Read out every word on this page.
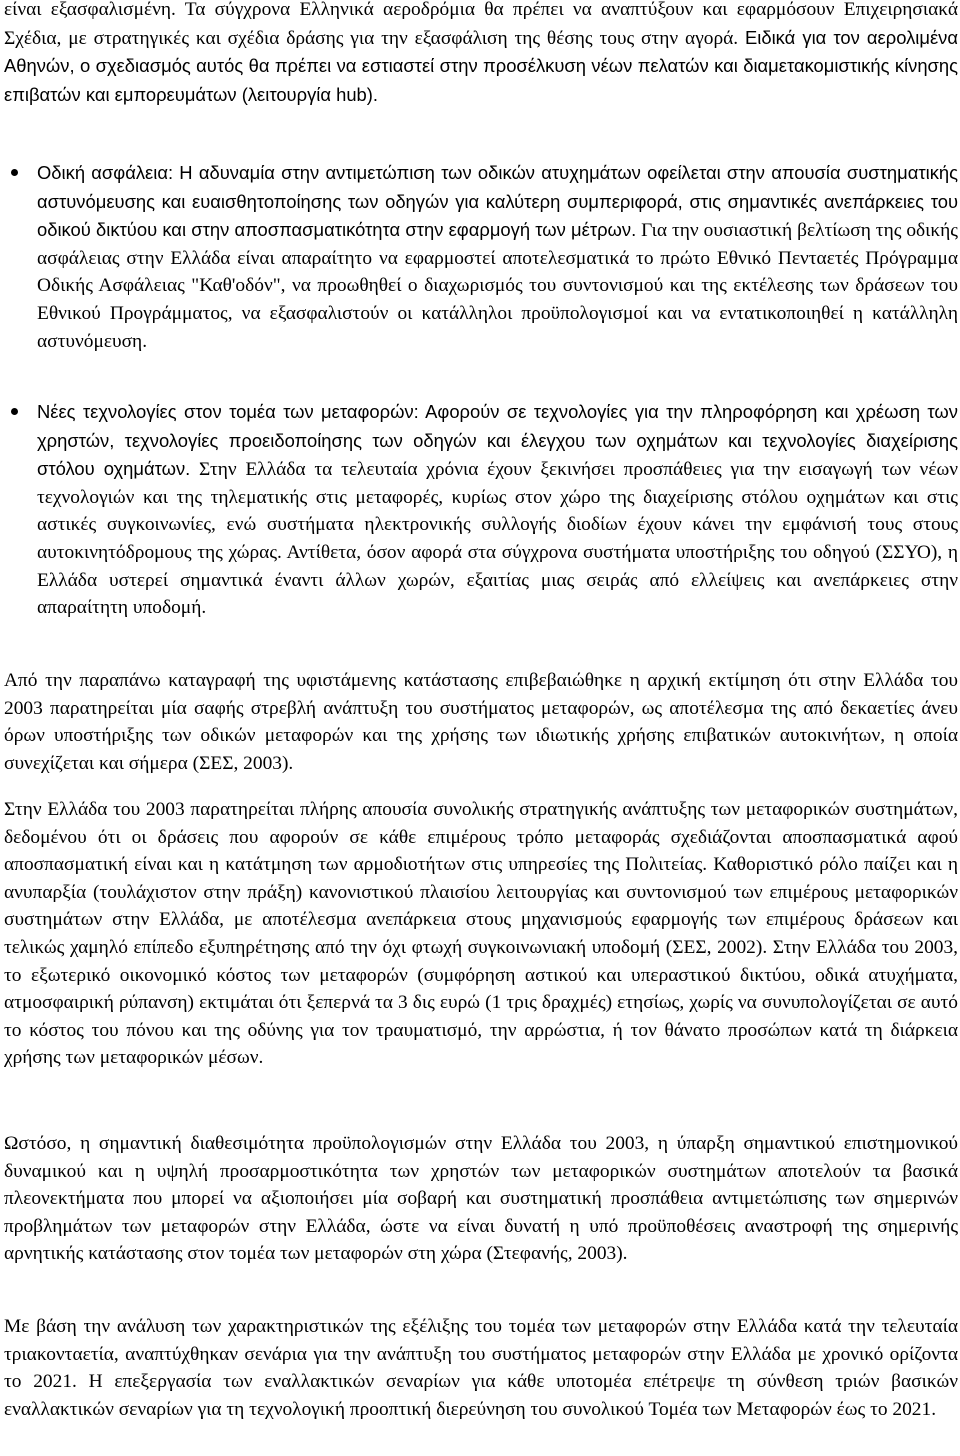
είναι εξασφαλισμένη. Τα σύγχρονα Ελληνικά αεροδρόμια θα πρέπει να αναπτύξουν και εφαρμόσουν Επιχειρησιακά Σχέδια, με στρατηγικές και σχέδια δράσης για την εξασφάλιση της θέσης τους στην αγορά. Ειδικά για τον αερολιμένα Αθηνών, ο σχεδιασμός αυτός θα πρέπει να εστιαστεί στην προσέλκυση νέων πελατών και διαμετακομιστικής κίνησης επιβατών και εμπορευμάτων (λειτουργία hub).

Οδική ασφάλεια: Η αδυναμία στην αντιμετώπιση των οδικών ατυχημάτων οφείλεται στην απουσία συστηματικής αστυνόμευσης και ευαισθητοποίησης των οδηγών για καλύτερη συμπεριφορά, στις σημαντικές ανεπάρκειες του οδικού δικτύου και στην αποσπασματικότητα στην εφαρμογή των μέτρων. Για την ουσιαστική βελτίωση της οδικής ασφάλειας στην Ελλάδα είναι απαραίτητο να εφαρμοστεί αποτελεσματικά το πρώτο Εθνικό Πενταετές Πρόγραμμα Οδικής Ασφάλειας "Καθ'οδόν", να προωθηθεί ο διαχωρισμός του συντονισμού και της εκτέλεσης των δράσεων του Εθνικού Προγράμματος, να εξασφαλιστούν οι κατάλληλοι προϋπολογισμοί και να εντατικοποιηθεί η κατάλληλη αστυνόμευση.

Νέες τεχνολογίες στον τομέα των μεταφορών: Αφορούν σε τεχνολογίες για την πληροφόρηση και χρέωση των χρηστών, τεχνολογίες προειδοποίησης των οδηγών και έλεγχου των οχημάτων και τεχνολογίες διαχείρισης στόλου οχημάτων. Στην Ελλάδα τα τελευταία χρόνια έχουν ξεκινήσει προσπάθειες για την εισαγωγή των νέων τεχνολογιών και της τηλεματικής στις μεταφορές, κυρίως στον χώρο της διαχείρισης στόλου οχημάτων και στις αστικές συγκοινωνίες, ενώ συστήματα ηλεκτρονικής συλλογής διοδίων έχουν κάνει την εμφάνισή τους στους αυτοκινητόδρομους της χώρας. Αντίθετα, όσον αφορά στα σύγχρονα συστήματα υποστήριξης του οδηγού (ΣΣΥΟ), η Ελλάδα υστερεί σημαντικά έναντι άλλων χωρών, εξαιτίας μιας σειράς από ελλείψεις και ανεπάρκειες στην απαραίτητη υποδομή.

Από την παραπάνω καταγραφή της υφιστάμενης κατάστασης επιβεβαιώθηκε η αρχική εκτίμηση ότι στην Ελλάδα του 2003 παρατηρείται μία σαφής στρεβλή ανάπτυξη του συστήματος μεταφορών, ως αποτέλεσμα της από δεκαετίες άνευ όρων υποστήριξης των οδικών μεταφορών και της χρήσης των ιδιωτικής χρήσης επιβατικών αυτοκινήτων, η οποία συνεχίζεται και σήμερα (ΣΕΣ, 2003).

Στην Ελλάδα του 2003 παρατηρείται πλήρης απουσία συνολικής στρατηγικής ανάπτυξης των μεταφορικών συστημάτων, δεδομένου ότι οι δράσεις που αφορούν σε κάθε επιμέρους τρόπο μεταφοράς σχεδιάζονται αποσπασματικά αφού αποσπασματική είναι και η κατάτμηση των αρμοδιοτήτων στις υπηρεσίες της Πολιτείας. Καθοριστικό ρόλο παίζει και η ανυπαρξία (τουλάχιστον στην πράξη) κανονιστικού πλαισίου λειτουργίας και συντονισμού των επιμέρους μεταφορικών συστημάτων στην Ελλάδα, με αποτέλεσμα ανεπάρκεια στους μηχανισμούς εφαρμογής των επιμέρους δράσεων και τελικώς χαμηλό επίπεδο εξυπηρέτησης από την όχι φτωχή συγκοινωνιακή υποδομή (ΣΕΣ, 2002). Στην Ελλάδα του 2003, το εξωτερικό οικονομικό κόστος των μεταφορών (συμφόρηση αστικού και υπεραστικού δικτύου, οδικά ατυχήματα, ατμοσφαιρική ρύπανση) εκτιμάται ότι ξεπερνά τα 3 δις ευρώ (1 τρις δραχμές) ετησίως, χωρίς να συνυπολογίζεται σε αυτό το κόστος του πόνου και της οδύνης για τον τραυματισμό, την αρρώστια, ή τον θάνατο προσώπων κατά τη διάρκεια χρήσης των μεταφορικών μέσων.

Ωστόσο, η σημαντική διαθεσιμότητα προϋπολογισμών στην Ελλάδα του 2003, η ύπαρξη σημαντικού επιστημονικού δυναμικού και η υψηλή προσαρμοστικότητα των χρηστών των μεταφορικών συστημάτων αποτελούν τα βασικά πλεονεκτήματα που μπορεί να αξιοποιήσει μία σοβαρή και συστηματική προσπάθεια αντιμετώπισης των σημερινών προβλημάτων των μεταφορών στην Ελλάδα, ώστε να είναι δυνατή η υπό προϋποθέσεις αναστροφή της σημερινής αρνητικής κατάστασης στον τομέα των μεταφορών στη χώρα (Στεφανής, 2003).

Με βάση την ανάλυση των χαρακτηριστικών της εξέλιξης του τομέα των μεταφορών στην Ελλάδα κατά την τελευταία τριακονταετία, αναπτύχθηκαν σενάρια για την ανάπτυξη του συστήματος μεταφορών στην Ελλάδα με χρονικό ορίζοντα το 2021. Η επεξεργασία των εναλλακτικών σεναρίων για κάθε υποτομέα επέτρεψε τη σύνθεση τριών βασικών εναλλακτικών σεναρίων για τη τεχνολογική προοπτική διερεύνηση του συνολικού Τομέα των Μεταφορών έως το 2021.
